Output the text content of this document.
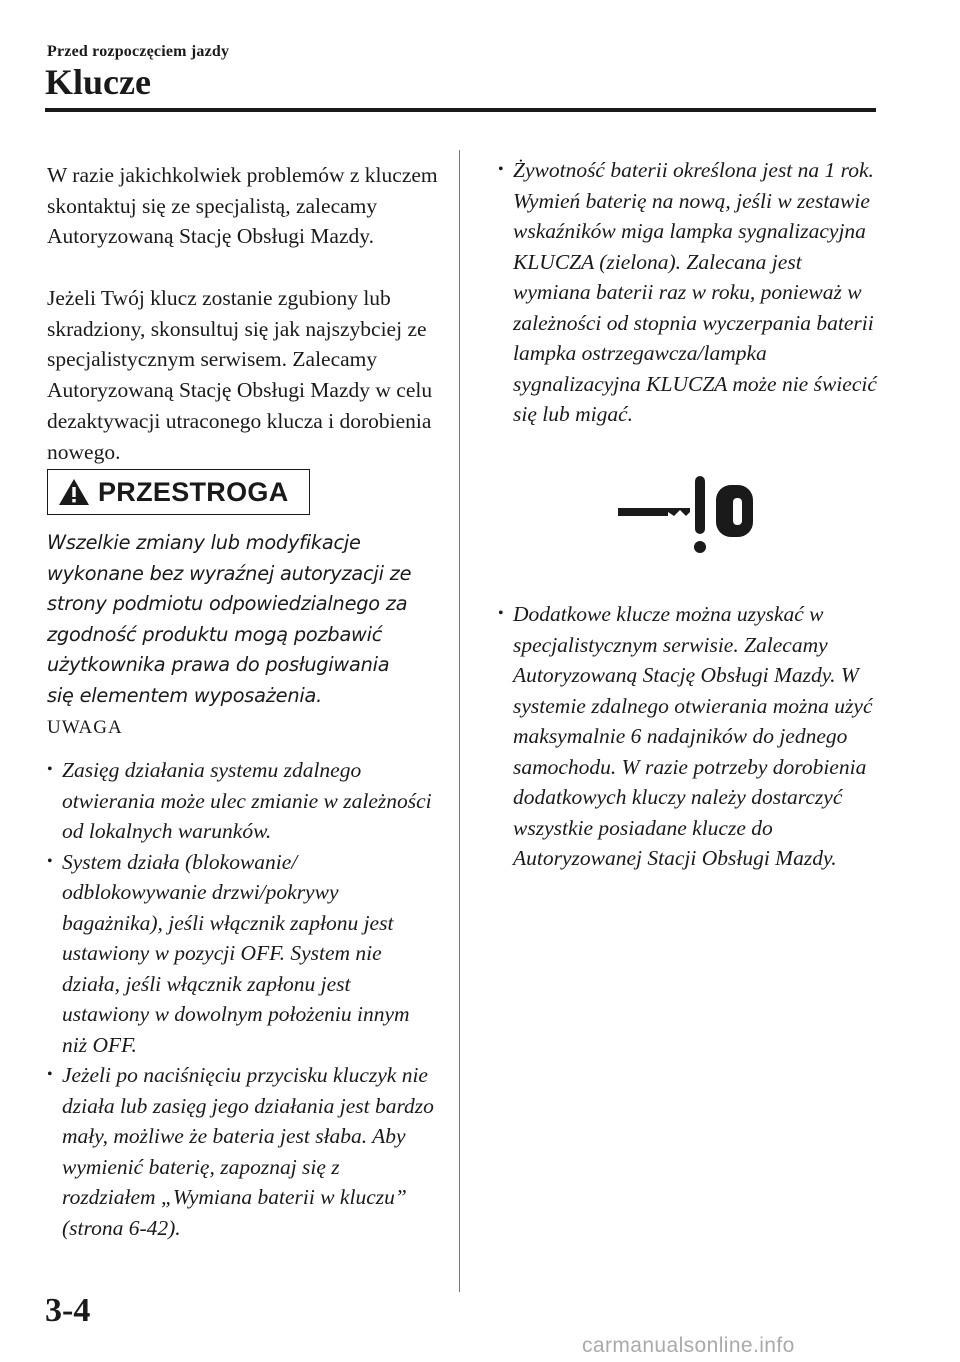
Przed rozpoczęciem jazdy
Klucze

W razie jakichkolwiek problemów z kluczem skontaktuj się ze specjalistą, zalecamy Autoryzowaną Stację Obsługi Mazdy.

Jeżeli Twój klucz zostanie zgubiony lub skradziony, skonsultuj się jak najszybciej ze specjalistycznym serwisem. Zalecamy Autoryzowaną Stację Obsługi Mazdy w celu dezaktywacji utraconego klucza i dorobienia nowego.

PRZESTROGA

Wszelkie zmiany lub modyfikacje wykonane bez wyraźnej autoryzacji ze strony podmiotu odpowiedzialnego za zgodność produktu mogą pozbawić użytkownika prawa do posługiwania się elementem wyposażenia.

UWAGA
• Zasięg działania systemu zdalnego otwierania może ulec zmianie w zależności od lokalnych warunków.
• System działa (blokowanie/ odblokowywanie drzwi/pokrywy bagażnika), jeśli włącznik zapłonu jest ustawiony w pozycji OFF. System nie działa, jeśli włącznik zapłonu jest ustawiony w dowolnym położeniu innym niż OFF.
• Jeżeli po naciśnięciu przycisku kluczyk nie działa lub zasięg jego działania jest bardzo mały, możliwe że bateria jest słaba. Aby wymienić baterię, zapoznaj się z rozdziałem „Wymiana baterii w kluczu” (strona 6-42).
• Żywotność baterii określona jest na 1 rok. Wymień baterię na nową, jeśli w zestawie wskaźników miga lampka sygnalizacyjna KLUCZA (zielona). Zalecana jest wymiana baterii raz w roku, ponieważ w zależności od stopnia wyczerpania baterii lampka ostrzegawcza/lampka sygnalizacyjna KLUCZA może nie świecić się lub migać.
• Dodatkowe klucze można uzyskać w specjalistycznym serwisie. Zalecamy Autoryzowaną Stację Obsługi Mazdy. W systemie zdalnego otwierania można użyć maksymalnie 6 nadajników do jednego samochodu. W razie potrzeby dorobienia dodatkowych kluczy należy dostarczyć wszystkie posiadane klucze do Autoryzowanej Stacji Obsługi Mazdy.
3-4
carmanualsonline.info
